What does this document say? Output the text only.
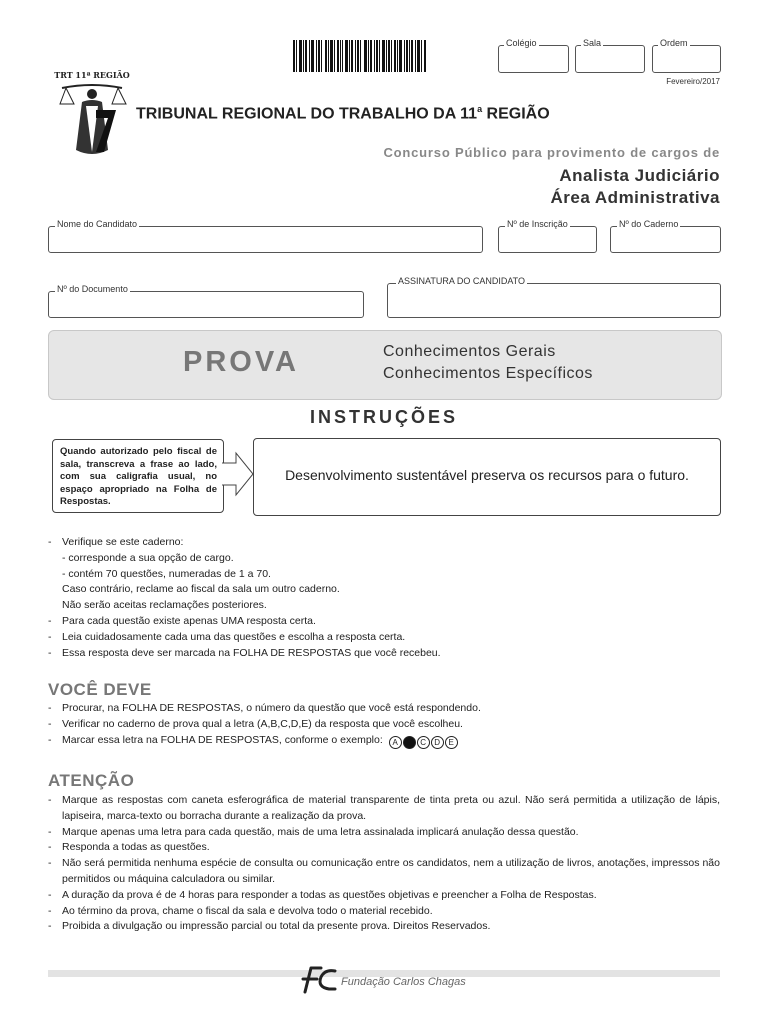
Colégio	Sala	Ordem
Fevereiro/2017
TRT 11ª REGIÃO
TRIBUNAL REGIONAL DO TRABALHO DA 11$^a$ REGIÃO
Concurso Público para provimento de cargos de
Analista Judiciário
Área Administrativa
Nome do Candidato	Nº de Inscrição	Nº do Caderno
Nº do Documento
ASSINATURA DO CANDIDATO
PROVA	Conhecimentos Gerais
Conhecimentos Específicos
INSTRUÇÕES
Quando autorizado pelo fiscal de sala, transcreva a frase ao lado, com sua caligrafia usual, no espaço apropriado na Folha de Respostas.
Desenvolvimento sustentável preserva os recursos para o futuro.
- Verifique se este caderno:
- corresponde a sua opção de cargo.
- contém 70 questões, numeradas de 1 a 70.
Caso contrário, reclame ao fiscal da sala um outro caderno.
Não serão aceitas reclamações posteriores.
- Para cada questão existe apenas UMA resposta certa.
- Leia cuidadosamente cada uma das questões e escolha a resposta certa.
- Essa resposta deve ser marcada na FOLHA DE RESPOSTAS que você recebeu.
VOCÊ DEVE
- Procurar, na FOLHA DE RESPOSTAS, o número da questão que você está respondendo.
- Verificar no caderno de prova qual a letra (A,B,C,D,E) da resposta que você escolheu.
- Marcar essa letra na FOLHA DE RESPOSTAS, conforme o exemplo: A B C D E
ATENÇÃO
- Marque as respostas com caneta esferográfica de material transparente de tinta preta ou azul. Não será permitida a utilização de lápis, lapiseira, marca-texto ou borracha durante a realização da prova.
- Marque apenas uma letra para cada questão, mais de uma letra assinalada implicará anulação dessa questão.
- Responda a todas as questões.
- Não será permitida nenhuma espécie de consulta ou comunicação entre os candidatos, nem a utilização de livros, anotações, impressos não permitidos ou máquina calculadora ou similar.
- A duração da prova é de 4 horas para responder a todas as questões objetivas e preencher a Folha de Respostas.
- Ao término da prova, chame o fiscal da sala e devolva todo o material recebido.
- Proibida a divulgação ou impressão parcial ou total da presente prova. Direitos Reservados.
Fundação Carlos Chagas
